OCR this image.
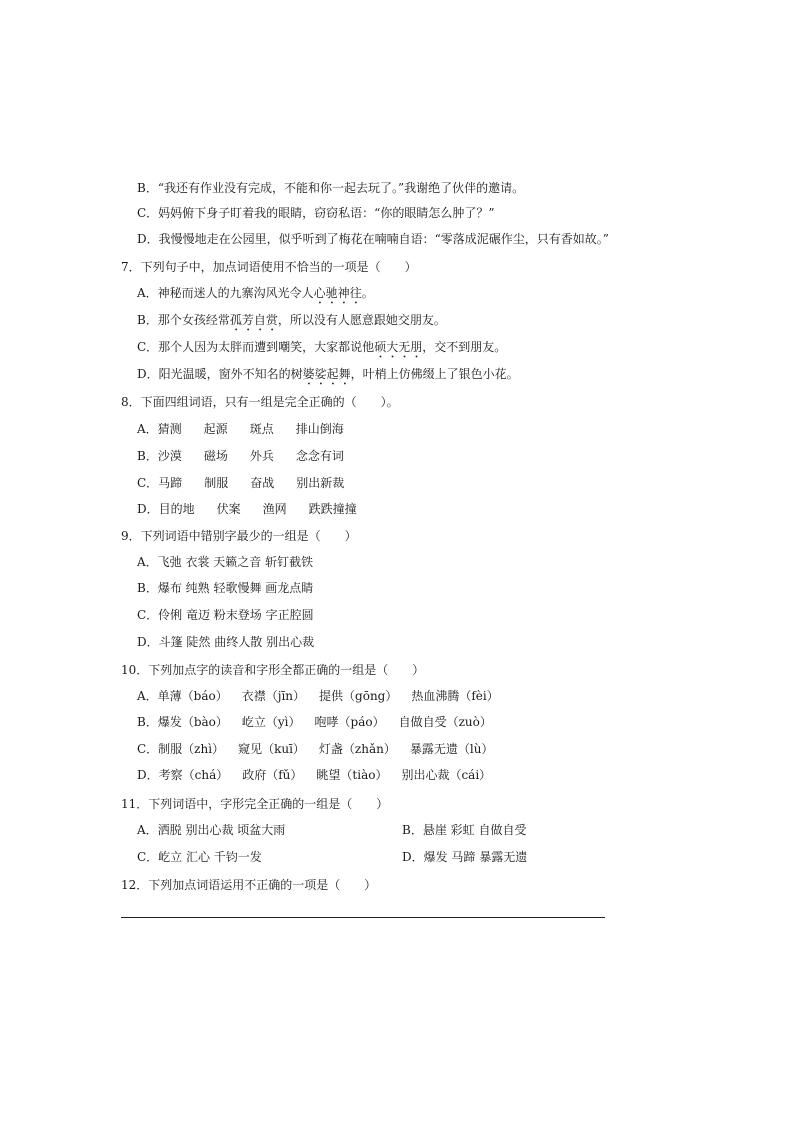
B．“我还有作业没有完成，不能和你一起去玩了。”我谢绝了伙伴的邀请。
C．妈妈俯下身子盯着我的眼睛，窃窃私语：“你的眼睛怎么肿了？”
D．我慢慢地走在公园里，似乎听到了梅花在喃喃自语：“零落成泥碾作尘，只有香如故。”
7．下列句子中，加点词语使用不恰当的一项是（　　）
A．神秘而迷人的九寨沟风光令人心驰神往。
B．那个女孩经常孤芳自赏，所以没有人愿意跟她交朋友。
C．那个人因为太胖而遭到嘲笑，大家都说他硕大无朋，交不到朋友。
D．阳光温暖，窗外不知名的树婆娑起舞，叶梢上仿佛缀上了银色小花。
8．下面四组词语，只有一组是完全正确的（　　）。
A．猜测 起源 斑点 排山倒海
B．沙漠 磁场 外兵 念念有词
C．马蹄 制服 奋战 别出新裁
D．目的地 伏案 渔网 跌跌撞撞
9．下列词语中错别字最少的一组是（　　）
A．飞弛 衣裳 天籁之音 斩钉截铁
B．爆布 纯熟 轻歌慢舞 画龙点睛
C．伶俐 竜迈 粉末登场 字正腔圆
D．斗篷 陡然 曲终人散 别出心裁
10．下列加点字的读音和字形全都正确的一组是（　　）
A．单薄（báo） 衣襟（jīn） 提供（gōng） 热血沸腾（fèi）
B．爆发（bào） 屹立（yì） 咆哮（páo） 自做自受（zuò）
C．制服（zhì） 窥见（kuī） 灯盏（zhǎn） 暴露无遗（lù）
D．考察（chá） 政府（fǔ） 眺望（tiào） 别出心裁（cái）
11．下列词语中，字形完全正确的一组是（　　）
A．洒脱 别出心裁 顷盆大雨	B．悬崖 彩虹 自做自受
C．屹立 汇心 千钧一发	D．爆发 马蹄 暴露无遗
12．下列加点词语运用不正确的一项是（　　）
